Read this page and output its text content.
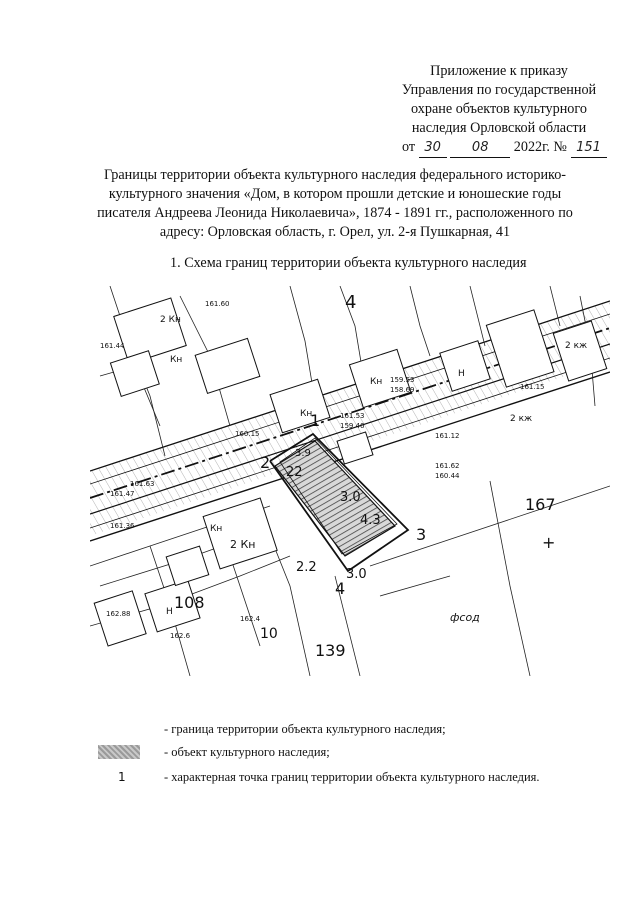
Приложение к приказу
Управления по государственной
охране объектов культурного
наследия Орловской области
от 30 08 2022г. № 151
Границы территории объекта культурного наследия федерального историко-
культурного значения «Дом, в котором прошли детские и юношеские годы
писателя Андреева Леонида Николаевича», 1874 - 1891 гг., расположенного по
адресу: Орловская область, г. Орел, ул. 2-я Пушкарная, 41
1. Схема границ территории объекта культурного наследия
1
2
3
4
22
3.0
4.3
3.9
2.2 3.0
Кн
Кн
2 Кн
Кн
2 Кн
Кн
2 кж
2 кж
Н
Н
167
139
108
10
161.60
161.44
161.53
159.46
160.15	161.12
161.62
160.44
162.88
162.6
162.4
161.15
159.53
158.69
161.47
161.63
161.36
фсод
4
+
- граница территории объекта культурного наследия;
- объект культурного наследия;
1	- характерная точка границ территории объекта культурного наследия.
